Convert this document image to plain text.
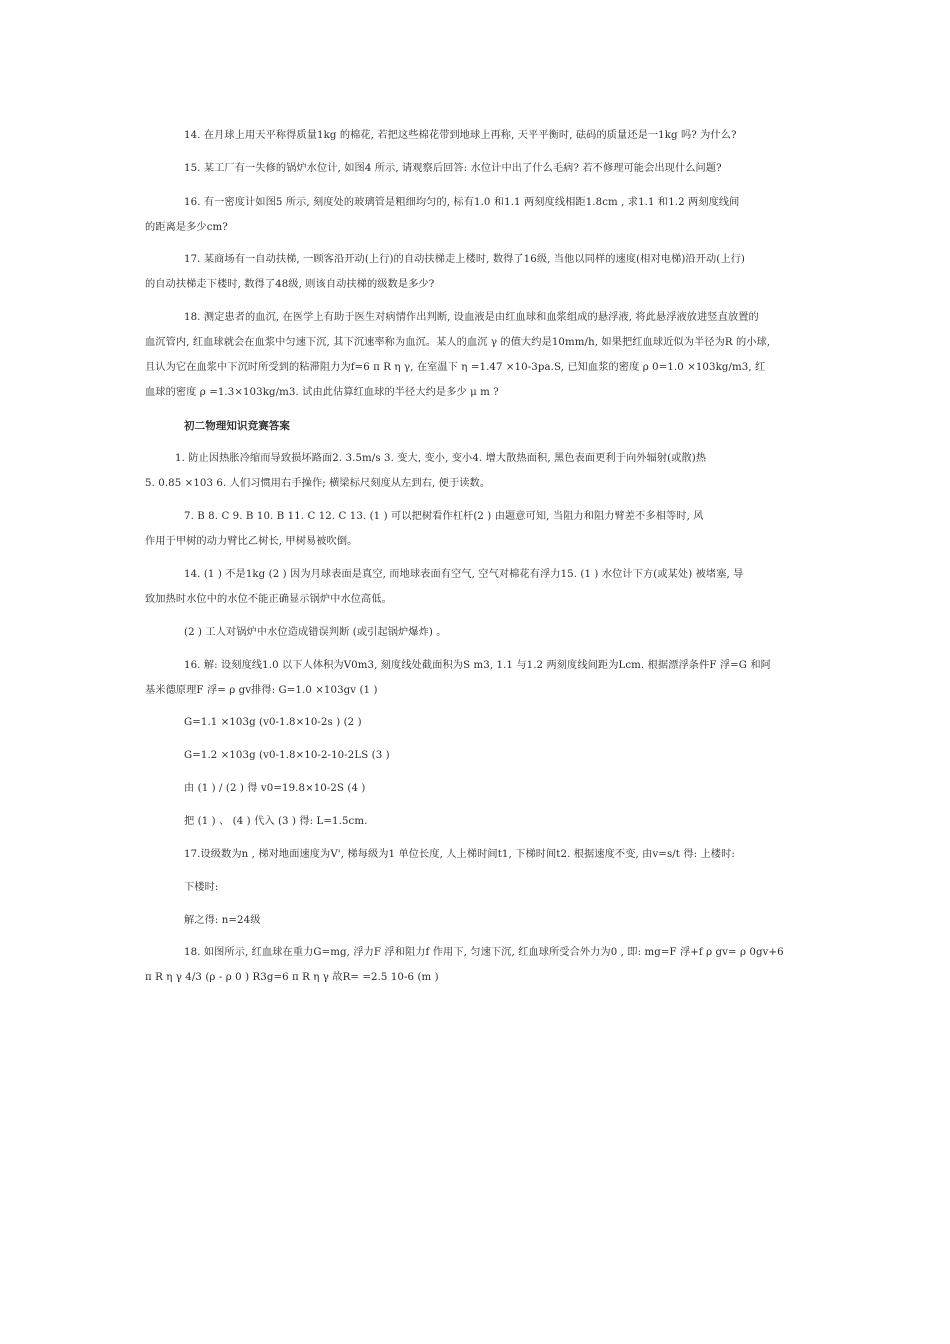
14. 在月球上用天平称得质量1kg 的棉花, 若把这些棉花带到地球上再称, 天平平衡时, 砝码的质量还是一1kg 吗? 为什么?
15. 某工厂有一失修的锅炉水位计, 如图4 所示, 请观察后回答: 水位计中出了什么毛病? 若不修理可能会出现什么问题?
16. 有一密度计如图5 所示, 刻度处的玻璃管是粗细均匀的, 标有1.0 和1.1 两刻度线相距1.8cm , 求1.1 和1.2 两刻度线间
的距离是多少cm?
17. 某商场有一自动扶梯, 一顾客沿开动(上行)的自动扶梯走上楼时, 数得了16级, 当他以同样的速度(相对电梯)沿开动(上行)
的自动扶梯走下楼时, 数得了48级, 则该自动扶梯的级数是多少?
18. 测定患者的血沉, 在医学上有助于医生对病情作出判断, 设血液是由红血球和血浆组成的悬浮液, 将此悬浮液放进竖直放置的
血沉管内, 红血球就会在血浆中匀速下沉, 其下沉速率称为血沉。某人的血沉 γ 的值大约是10mm/h, 如果把红血球近似为半径为R 的小球,
且认为它在血浆中下沉时所受到的粘滞阻力为f=6 π R η γ, 在室温下 η =1.47 ×10-3pa.S, 已知血浆的密度 ρ 0=1.0 ×103kg/m3, 红
血球的密度 ρ =1.3×103kg/m3. 试由此估算红血球的半径大约是多少 μ m ?
初二物理知识竞赛答案
1. 防止因热胀冷缩而导致损坏路面2. 3.5m/s 3. 变大, 变小, 变小4. 增大散热面积, 黑色表面更利于向外辐射(或散)热
5. 0.85 ×103 6. 人们习惯用右手操作; 横梁标尺刻度从左到右, 便于读数。
7. B 8. C 9. B 10. B 11. C 12. C 13. (1 ) 可以把树看作杠杆(2 ) 由题意可知, 当阻力和阻力臂差不多相等时, 风
作用于甲树的动力臂比乙树长, 甲树易被吹倒。
14. (1 ) 不是1kg (2 ) 因为月球表面是真空, 而地球表面有空气, 空气对棉花有浮力15. (1 ) 水位计下方(或某处) 被堵塞, 导
致加热时水位中的水位不能正确显示锅炉中水位高低。
(2 ) 工人对锅炉中水位造成错误判断 (或引起锅炉爆炸) 。
16. 解: 设刻度线1.0 以下人体积为V0m3, 刻度线处截面积为S m3, 1.1 与1.2 两刻度线间距为Lcm. 根据漂浮条件F 浮=G 和阿
基米德原理F 浮= ρ gv排得: G=1.0 ×103gv (1 )
G=1.1 ×103g (v0-1.8×10-2s ) (2 )
G=1.2 ×103g (v0-1.8×10-2-10-2LS (3 )
由 (1 ) / (2 ) 得 v0=19.8×10-2S (4 )
把 (1 ) 、 (4 ) 代入 (3 ) 得: L=1.5cm.
17.设级数为n , 梯对地面速度为V', 梯每级为1 单位长度, 人上梯时间t1, 下梯时间t2. 根据速度不变, 由v=s/t 得: 上楼时:
下楼时:
解之得: n=24级
18. 如图所示, 红血球在重力G=mg, 浮力F 浮和阻力f 作用下, 匀速下沉, 红血球所受合外力为0 , 即: mg=F 浮+f ρ gv= ρ 0gv+6
π R η γ 4/3 (ρ - ρ 0 ) R3g=6 π R η γ 故R= =2.5 10-6 (m )
